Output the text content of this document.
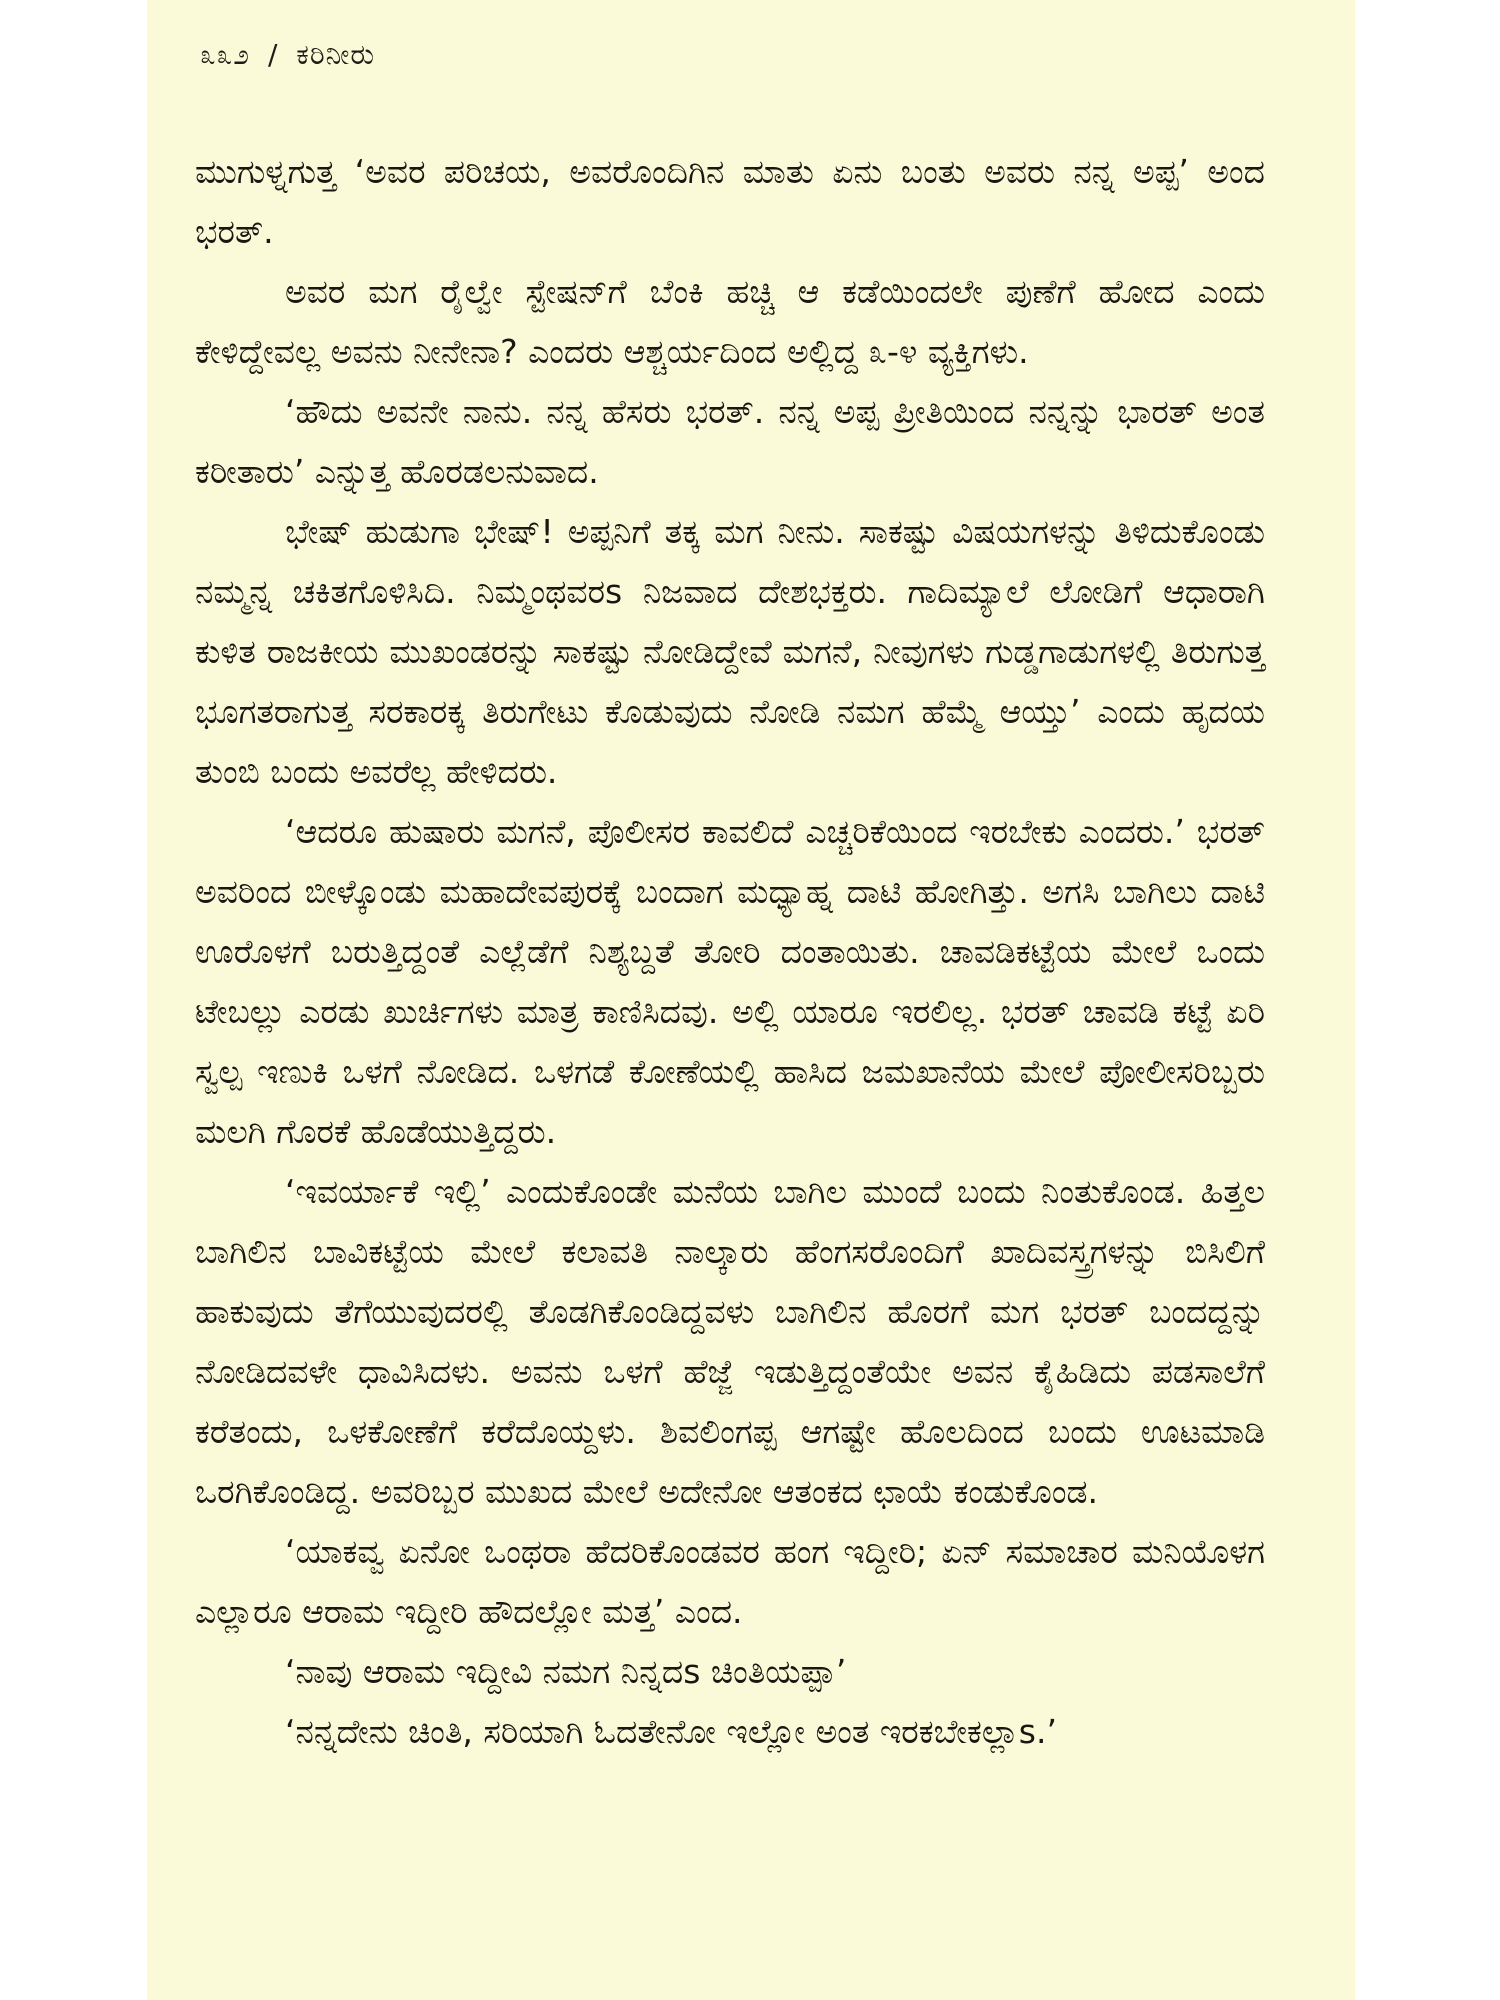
೩೩೨ / ಕರಿನೀರು

ಮುಗುಳ್ನಗುತ್ತ ‘ಅವರ ಪರಿಚಯ, ಅವರೊಂದಿಗಿನ ಮಾತು ಏನು ಬಂತು ಅವರು ನನ್ನ ಅಪ್ಪ’ ಅಂದ ಭರತ್.

ಅವರ ಮಗ ರೈಲ್ವೇ ಸ್ಟೇಷನ್‌ಗೆ ಬೆಂಕಿ ಹಚ್ಚಿ ಆ ಕಡೆಯಿಂದಲೇ ಪುಣೆಗೆ ಹೋದ ಎಂದು ಕೇಳಿದ್ದೇವಲ್ಲ ಅವನು ನೀನೇನಾ? ಎಂದರು ಆಶ್ಚರ್ಯದಿಂದ ಅಲ್ಲಿದ್ದ ೩-೪ ವ್ಯಕ್ತಿಗಳು.

‘ಹೌದು ಅವನೇ ನಾನು. ನನ್ನ ಹೆಸರು ಭರತ್. ನನ್ನ ಅಪ್ಪ ಪ್ರೀತಿಯಿಂದ ನನ್ನನ್ನು ಭಾರತ್ ಅಂತ ಕರೀತಾರು’ ಎನ್ನುತ್ತ ಹೊರಡಲನುವಾದ.

ಭೇಷ್ ಹುಡುಗಾ ಭೇಷ್! ಅಪ್ಪನಿಗೆ ತಕ್ಕ ಮಗ ನೀನು. ಸಾಕಷ್ಟು ವಿಷಯಗಳನ್ನು ತಿಳಿದುಕೊಂಡು ನಮ್ಮನ್ನ ಚಕಿತಗೊಳಿಸಿದಿ. ನಿಮ್ಮಂಥವರs ನಿಜವಾದ ದೇಶಭಕ್ತರು. ಗಾದಿಮ್ಯಾಲೆ ಲೋಡಿಗೆ ಆಧಾರಾಗಿ ಕುಳಿತ ರಾಜಕೀಯ ಮುಖಂಡರನ್ನು ಸಾಕಷ್ಟು ನೋಡಿದ್ದೇವೆ ಮಗನೆ, ನೀವುಗಳು ಗುಡ್ಡಗಾಡುಗಳಲ್ಲಿ ತಿರುಗುತ್ತ ಭೂಗತರಾಗುತ್ತ ಸರಕಾರಕ್ಕ ತಿರುಗೇಟು ಕೊಡುವುದು ನೋಡಿ ನಮಗ ಹೆಮ್ಮೆ ಆಯ್ತು’ ಎಂದು ಹೃದಯ ತುಂಬಿ ಬಂದು ಅವರೆಲ್ಲ ಹೇಳಿದರು.

‘ಆದರೂ ಹುಷಾರು ಮಗನೆ, ಪೊಲೀಸರ ಕಾವಲಿದೆ ಎಚ್ಚರಿಕೆಯಿಂದ ಇರಬೇಕು ಎಂದರು.’ ಭರತ್ ಅವರಿಂದ ಬೀಳ್ಕೊಂಡು ಮಹಾದೇವಪುರಕ್ಕೆ ಬಂದಾಗ ಮಧ್ಯಾಹ್ನ ದಾಟಿ ಹೋಗಿತ್ತು. ಅಗಸಿ ಬಾಗಿಲು ದಾಟಿ ಊರೊಳಗೆ ಬರುತ್ತಿದ್ದಂತೆ ಎಲ್ಲೆಡೆಗೆ ನಿಶ್ಯಬ್ದತೆ ತೋರಿ ದಂತಾಯಿತು. ಚಾವಡಿಕಟ್ಟೆಯ ಮೇಲೆ ಒಂದು ಟೇಬಲ್ಲು ಎರಡು ಖುರ್ಚಿಗಳು ಮಾತ್ರ ಕಾಣಿಸಿದವು. ಅಲ್ಲಿ ಯಾರೂ ಇರಲಿಲ್ಲ. ಭರತ್ ಚಾವಡಿ ಕಟ್ಟೆ ಏರಿ ಸ್ವಲ್ಪ ಇಣುಕಿ ಒಳಗೆ ನೋಡಿದ. ಒಳಗಡೆ ಕೋಣೆಯಲ್ಲಿ ಹಾಸಿದ ಜಮಖಾನೆಯ ಮೇಲೆ ಪೋಲೀಸರಿಬ್ಬರು ಮಲಗಿ ಗೊರಕೆ ಹೊಡೆಯುತ್ತಿದ್ದರು.

‘ಇವರ್ಯಾಕೆ ಇಲ್ಲಿ’ ಎಂದುಕೊಂಡೇ ಮನೆಯ ಬಾಗಿಲ ಮುಂದೆ ಬಂದು ನಿಂತುಕೊಂಡ. ಹಿತ್ತಲ ಬಾಗಿಲಿನ ಬಾವಿಕಟ್ಟೆಯ ಮೇಲೆ ಕಲಾವತಿ ನಾಲ್ಕಾರು ಹೆಂಗಸರೊಂದಿಗೆ ಖಾದಿವಸ್ತ್ರಗಳನ್ನು ಬಿಸಿಲಿಗೆ ಹಾಕುವುದು ತೆಗೆಯುವುದರಲ್ಲಿ ತೊಡಗಿಕೊಂಡಿದ್ದವಳು ಬಾಗಿಲಿನ ಹೊರಗೆ ಮಗ ಭರತ್ ಬಂದದ್ದನ್ನು ನೋಡಿದವಳೇ ಧಾವಿಸಿದಳು. ಅವನು ಒಳಗೆ ಹೆಜ್ಜೆ ಇಡುತ್ತಿದ್ದಂತೆಯೇ ಅವನ ಕೈಹಿಡಿದು ಪಡಸಾಲೆಗೆ ಕರೆತಂದು, ಒಳಕೋಣೆಗೆ ಕರೆದೊಯ್ದಳು. ಶಿವಲಿಂಗಪ್ಪ ಆಗಷ್ಟೇ ಹೊಲದಿಂದ ಬಂದು ಊಟಮಾಡಿ ಒರಗಿಕೊಂಡಿದ್ದ. ಅವರಿಬ್ಬರ ಮುಖದ ಮೇಲೆ ಅದೇನೋ ಆತಂಕದ ಛಾಯೆ ಕಂಡುಕೊಂಡ.

‘ಯಾಕವ್ವ ಏನೋ ಒಂಥರಾ ಹೆದರಿಕೊಂಡವರ ಹಂಗ ಇದ್ದೀರಿ; ಏನ್ ಸಮಾಚಾರ ಮನಿಯೊಳಗ ಎಲ್ಲಾರೂ ಆರಾಮ ಇದ್ದೀರಿ ಹೌದಲ್ಲೋ ಮತ್ತ’ ಎಂದ.

‘ನಾವು ಆರಾಮ ಇದ್ದೀವಿ ನಮಗ ನಿನ್ನದs ಚಿಂತಿಯಪ್ಪಾ’

‘ನನ್ನದೇನು ಚಿಂತಿ, ಸರಿಯಾಗಿ ಓದತೇನೋ ಇಲ್ಲೋ ಅಂತ ಇರಕಬೇಕಲ್ಲಾs.’
